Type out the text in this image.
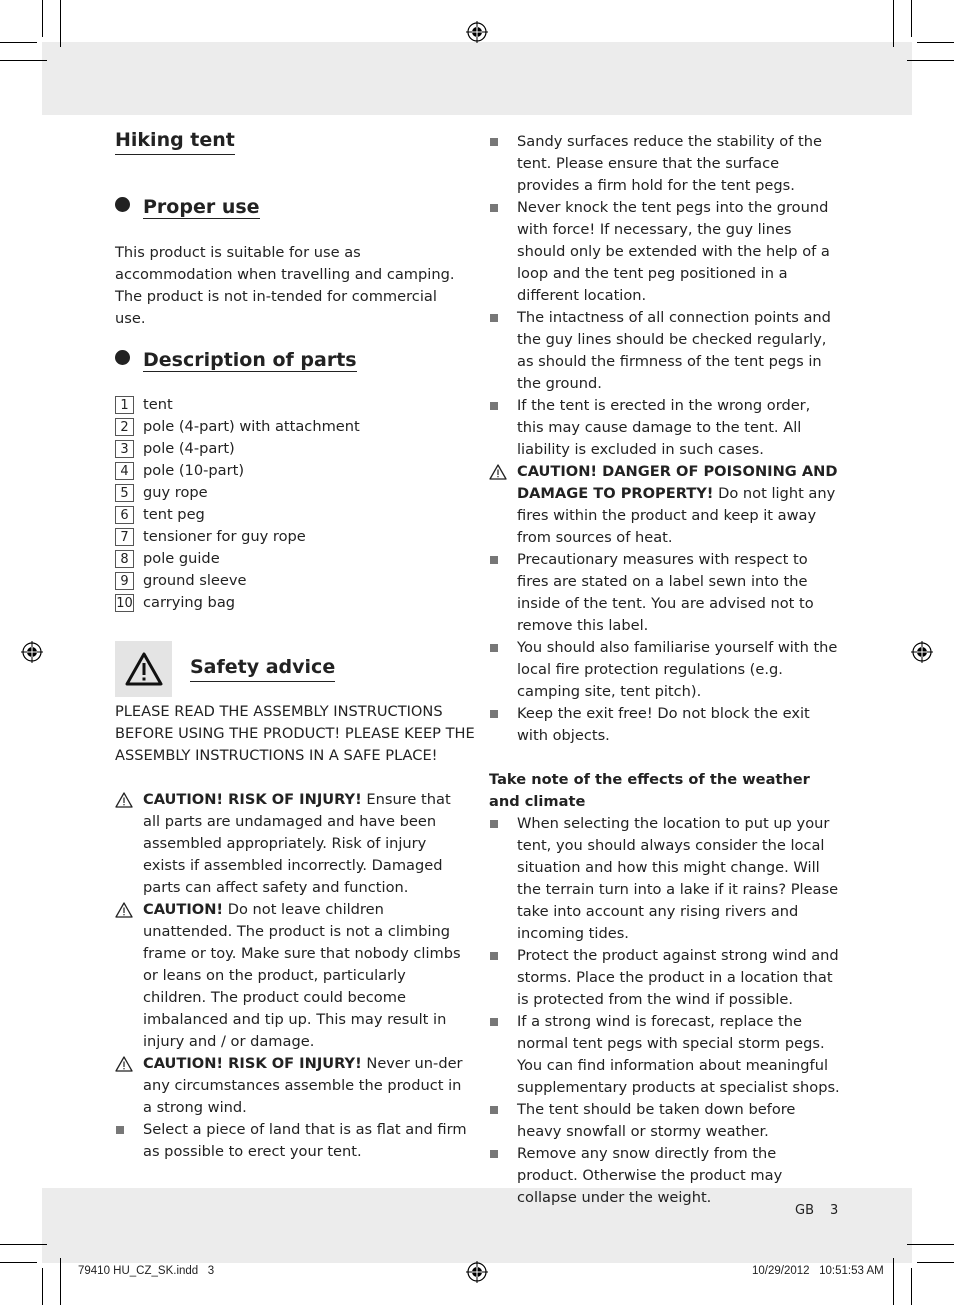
Hiking tent
Proper use
This product is suitable for use as accommodation when travelling and camping. The product is not in-tended for commercial use.
Description of parts
1 tent
2 pole (4-part) with attachment
3 pole (4-part)
4 pole (10-part)
5 guy rope
6 tent peg
7 tensioner for guy rope
8 pole guide
9 ground sleeve
10 carrying bag
Safety advice
PLEASE READ THE ASSEMBLY INSTRUCTIONS BEFORE USING THE PRODUCT! PLEASE KEEP THE ASSEMBLY INSTRUCTIONS IN A SAFE PLACE!
CAUTION! RISK OF INJURY! Ensure that all parts are undamaged and have been assembled appropriately. Risk of injury exists if assembled incorrectly. Damaged parts can affect safety and function.
CAUTION! Do not leave children unattended. The product is not a climbing frame or toy. Make sure that nobody climbs or leans on the product, particularly children. The product could become imbalanced and tip up. This may result in injury and / or damage.
CAUTION! RISK OF INJURY! Never un-der any circumstances assemble the product in a strong wind.
Select a piece of land that is as flat and firm as possible to erect your tent.
Sandy surfaces reduce the stability of the tent. Please ensure that the surface provides a firm hold for the tent pegs.
Never knock the tent pegs into the ground with force! If necessary, the guy lines should only be extended with the help of a loop and the tent peg positioned in a different location.
The intactness of all connection points and the guy lines should be checked regularly, as should the firmness of the tent pegs in the ground.
If the tent is erected in the wrong order, this may cause damage to the tent. All liability is excluded in such cases.
CAUTION! DANGER OF POISONING AND DAMAGE TO PROPERTY! Do not light any fires within the product and keep it away from sources of heat.
Precautionary measures with respect to fires are stated on a label sewn into the inside of the tent. You are advised not to remove this label.
You should also familiarise yourself with the local fire protection regulations (e.g. camping site, tent pitch).
Keep the exit free! Do not block the exit with objects.
Take note of the effects of the weather and climate
When selecting the location to put up your tent, you should always consider the local situation and how this might change. Will the terrain turn into a lake if it rains? Please take into account any rising rivers and incoming tides.
Protect the product against strong wind and storms. Place the product in a location that is protected from the wind if possible.
If a strong wind is forecast, replace the normal tent pegs with special storm pegs. You can find information about meaningful supplementary products at specialist shops.
The tent should be taken down before heavy snowfall or stormy weather.
Remove any snow directly from the product. Otherwise the product may collapse under the weight.
GB 3
79410 HU_CZ_SK.indd   3	10/29/2012   10:51:53 AM
